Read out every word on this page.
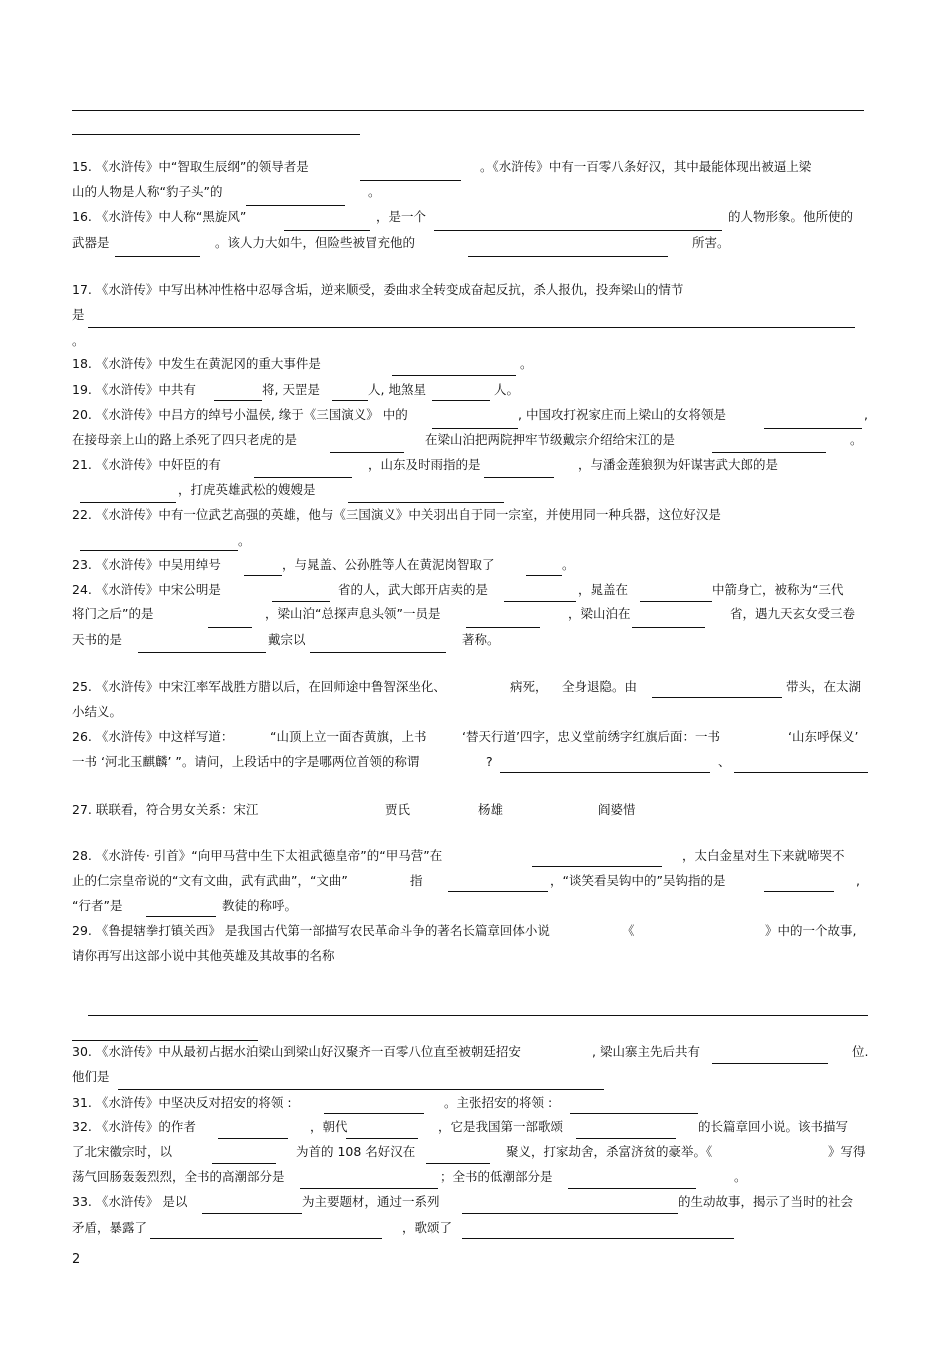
15. 《水浒传》中“智取生辰纲”的领导者是	。《水浒传》中有一百零八条好汉，其中最能体现出被逼上梁
山的人物是人称“豹子头”的	。
16. 《水浒传》中人称“黑旋风”	，是一个	的人物形象。他所使的
武器是	。该人力大如牛，但险些被冒充他的	所害。
17. 《水浒传》中写出林冲性格中忍辱含垢，逆来顺受，委曲求全转变成奋起反抗，杀人报仇，投奔梁山的情节
是
。
18. 《水浒传》中发生在黄泥冈的重大事件是	。
19. 《水浒传》中共有	将, 天罡是	人, 地煞星	人。
20. 《水浒传》中吕方的绰号小温侯, 缘于《三国演义》 中的	, 中国攻打祝家庄而上梁山的女将领是	,
在接母亲上山的路上杀死了四只老虎的是	在梁山泊把两院押牢节级戴宗介绍给宋江的是	。
21. 《水浒传》中奸臣的有	，山东及时雨指的是	，与潘金莲狼狈为奸谋害武大郎的是
，打虎英雄武松的嫂嫂是
22. 《水浒传》中有一位武艺高强的英雄，他与《三国演义》中关羽出自于同一宗室，并使用同一种兵器，这位好汉是
。
23. 《水浒传》中吴用绰号	，与晁盖、公孙胜等人在黄泥岗智取了	。
24. 《水浒传》中宋公明是	省的人，武大郎开店卖的是	，晁盖在	中箭身亡，被称为“三代
将门之后”的是	，梁山泊“总探声息头领”一员是	，梁山泊在	省，遇九天玄女受三卷
天书的是	戴宗以	著称。
25. 《水浒传》中宋江率军战胜方腊以后，在回师途中鲁智深坐化、	病死， 全身退隐。由	带头，在太湖
小结义。
26. 《水浒传》中这样写道：	“山顶上立一面杏黄旗，上书	‘替天行道’四字，忠义堂前绣字红旗后面：一书	‘山东呼保义’
一书 ‘河北玉麒麟’ ”。请问，上段话中的字是哪两位首领的称谓	?	、
27. 联联看，符合男女关系：宋江	贾氏	杨雄	阎婆惜
28. 《水浒传· 引首》“向甲马营中生下太祖武德皇帝”的“甲马营”在	，太白金星对生下来就啼哭不
止的仁宗皇帝说的“文有文曲，武有武曲”，“文曲”	指	，“谈笑看吴钩中的”吴钩指的是	,
“行者”是	教徒的称呼。
29. 《鲁提辖拳打镇关西》 是我国古代第一部描写农民革命斗争的著名长篇章回体小说	《	》中的一个故事,
请你再写出这部小说中其他英雄及其故事的名称
30. 《水浒传》中从最初占据水泊梁山到梁山好汉聚齐一百零八位直至被朝廷招安	, 梁山寨主先后共有	位.
他们是
31. 《水浒传》中坚决反对招安的将领 :	。主张招安的将领 :
32. 《水浒传》的作者	，朝代	，它是我国第一部歌颂	的长篇章回小说。该书描写
了北宋徽宗时，以	为首的 108 名好汉在	聚义，打家劫舍，杀富济贫的豪举。《	》写得
荡气回肠轰轰烈烈，全书的高潮部分是	；全书的低潮部分是	。
33. 《水浒传》 是以	为主要题材，通过一系列	的生动故事，揭示了当时的社会
矛盾，暴露了	，歌颂了
2
